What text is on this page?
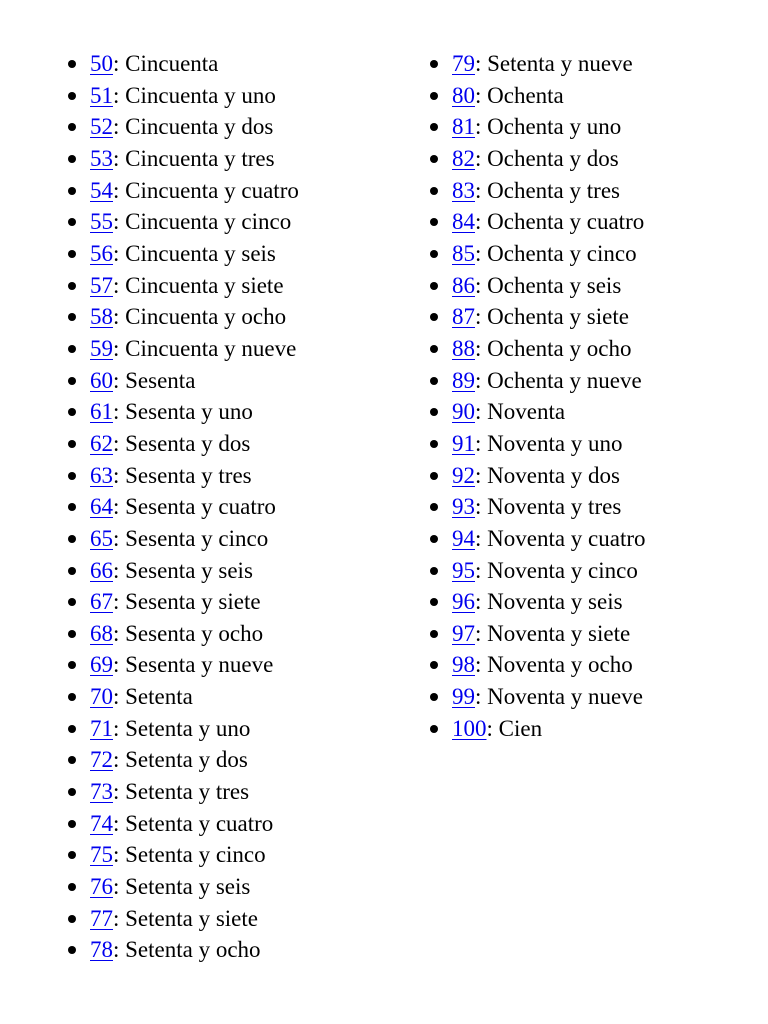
50: Cincuenta
51: Cincuenta y uno
52: Cincuenta y dos
53: Cincuenta y tres
54: Cincuenta y cuatro
55: Cincuenta y cinco
56: Cincuenta y seis
57: Cincuenta y siete
58: Cincuenta y ocho
59: Cincuenta y nueve
60: Sesenta
61: Sesenta y uno
62: Sesenta y dos
63: Sesenta y tres
64: Sesenta y cuatro
65: Sesenta y cinco
66: Sesenta y seis
67: Sesenta y siete
68: Sesenta y ocho
69: Sesenta y nueve
70: Setenta
71: Setenta y uno
72: Setenta y dos
73: Setenta y tres
74: Setenta y cuatro
75: Setenta y cinco
76: Setenta y seis
77: Setenta y siete
78: Setenta y ocho
79: Setenta y nueve
80: Ochenta
81: Ochenta y uno
82: Ochenta y dos
83: Ochenta y tres
84: Ochenta y cuatro
85: Ochenta y cinco
86: Ochenta y seis
87: Ochenta y siete
88: Ochenta y ocho
89: Ochenta y nueve
90: Noventa
91: Noventa y uno
92: Noventa y dos
93: Noventa y tres
94: Noventa y cuatro
95: Noventa y cinco
96: Noventa y seis
97: Noventa y siete
98: Noventa y ocho
99: Noventa y nueve
100: Cien
